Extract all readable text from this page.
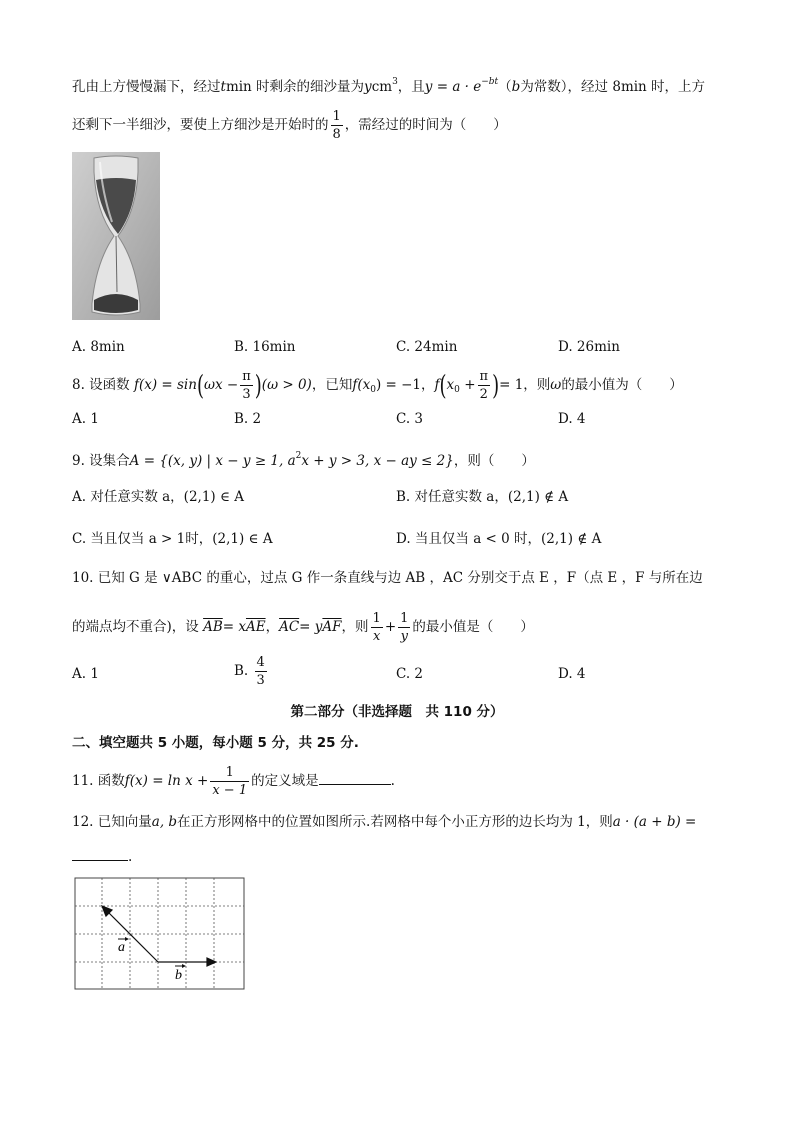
孔由上方慢慢漏下，经过tmin 时剩余的细沙量为ycm$^3$，且$y = a \cdot e^{-bt}(b$为常数），经过 8min 时，上方
还剩下一半细沙，要使上方细沙是开始时的 $\frac{1}{8}$ ，需经过的时间为（　　）
A. 8min	B. 16min	C. 24min	D. 26min
8. 设函数 $f(x) = \sin(\omega x - \frac{\pi}{3} )(\omega > 0)$，已知$f(x_0) = -1$，$f(x_0 + \frac{\pi}{2}$ )= 1，则ω的最小值为（　　）
A. 1	B. 2	C. 3	D. 4
9. 设集合A = {(x, y) | x − y ≥ 1, $a^2x + y > 3$, x − ay ≤ 2}，则（　　）
A. 对任意实数 a，(2,1) ∈ A	B. 对任意实数 a，(2,1) ∉ A
C. 当且仅当 a > 1时，(2,1) ∈ A	D. 当且仅当 a < 0 时，(2,1) ∉ A
10. 已知 G 是 ∨ABC 的重心，过点 G 作一条直线与边 AB ，AC 分别交于点 E ，F（点 E ，F 与所在边
的端点均不重合)，设 $\overline{AB}= x\overline{AE}$，$\overline{AC}= y\overline{AF}$，则 $\frac{1}{x} + \frac{1}{y}$ 的最小值是（　　）
A. 1	B. $\frac{4}{3}$	C. 2	D. 4
第二部分（非选择题　共 110 分）
二、填空题共 5 小题，每小题 5 分，共 25 分.
11. 函数$f(x) = \ln x + \frac{1}{x - 1}$ 的定义域是	.
12. 已知向量a, b在正方形网格中的位置如图所示.若网格中每个小正方形的边长均为 1，则a · (a + b) =
.
a
b
